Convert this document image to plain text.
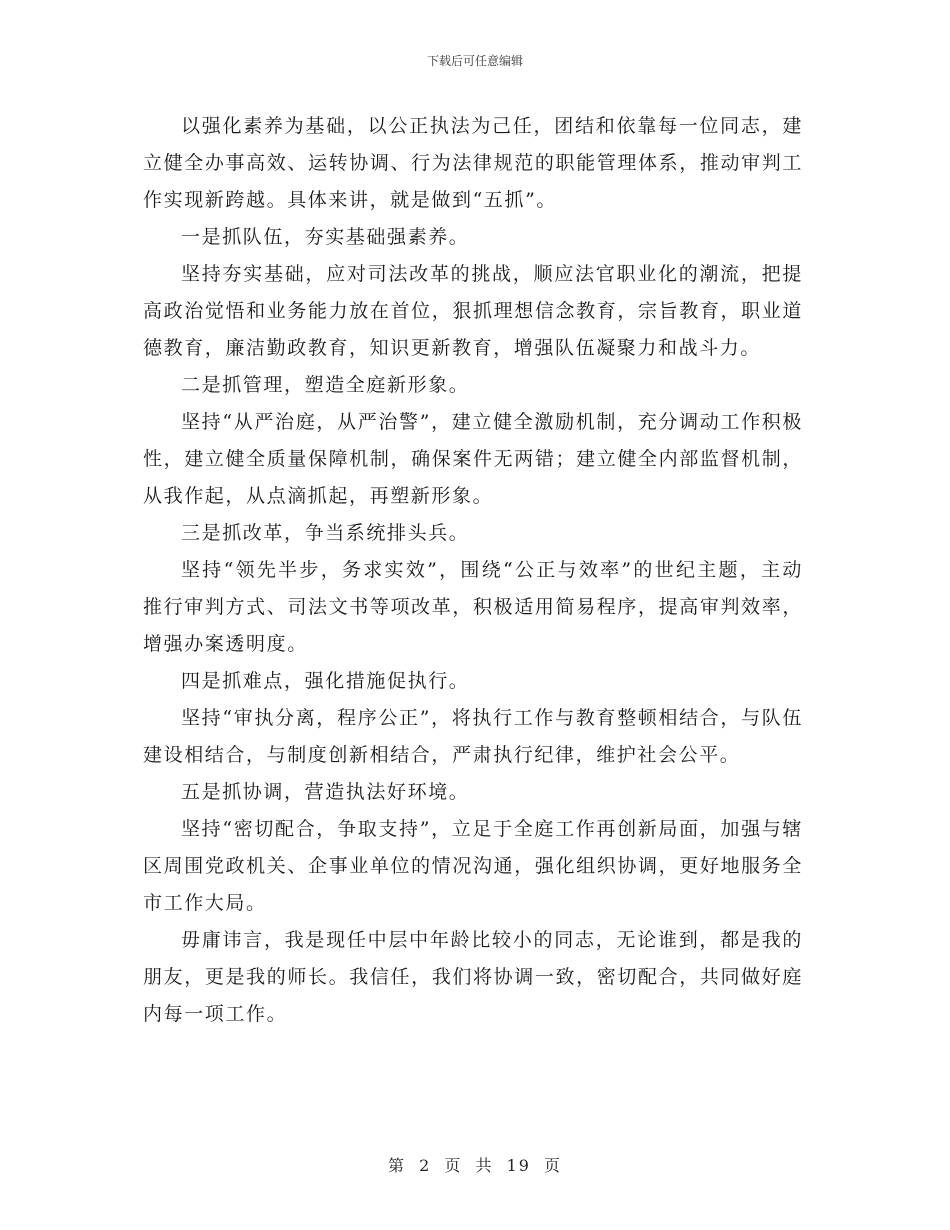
下载后可任意编辑

以强化素养为基础，以公正执法为己任，团结和依靠每一位同志，建立健全办事高效、运转协调、行为法律规范的职能管理体系，推动审判工作实现新跨越。具体来讲，就是做到“五抓”。

一是抓队伍，夯实基础强素养。

坚持夯实基础，应对司法改革的挑战，顺应法官职业化的潮流，把提高政治觉悟和业务能力放在首位，狠抓理想信念教育，宗旨教育，职业道德教育，廉洁勤政教育，知识更新教育，增强队伍凝聚力和战斗力。

二是抓管理，塑造全庭新形象。

坚持“从严治庭，从严治警”，建立健全激励机制，充分调动工作积极性，建立健全质量保障机制，确保案件无两错；建立健全内部监督机制，从我作起，从点滴抓起，再塑新形象。

三是抓改革，争当系统排头兵。

坚持“领先半步，务求实效”，围绕“公正与效率”的世纪主题，主动推行审判方式、司法文书等项改革，积极适用简易程序，提高审判效率，增强办案透明度。

四是抓难点，强化措施促执行。

坚持“审执分离，程序公正”，将执行工作与教育整顿相结合，与队伍建设相结合，与制度创新相结合，严肃执行纪律，维护社会公平。

五是抓协调，营造执法好环境。

坚持“密切配合，争取支持”，立足于全庭工作再创新局面，加强与辖区周围党政机关、企事业单位的情况沟通，强化组织协调，更好地服务全市工作大局。

毋庸讳言，我是现任中层中年龄比较小的同志，无论谁到，都是我的朋友，更是我的师长。我信任，我们将协调一致，密切配合，共同做好庭内每一项工作。

第 2 页 共 19 页
